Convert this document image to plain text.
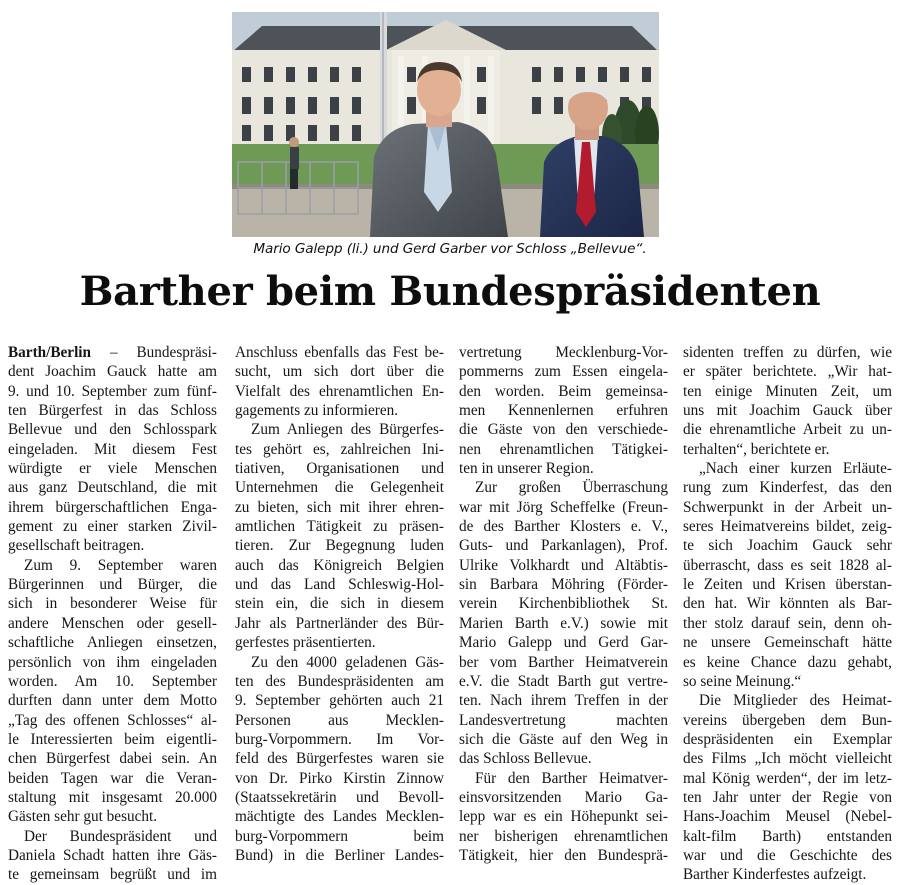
Mario Galepp (li.) und Gerd Garber vor Schloss „Bellevue“.
Barther beim Bundespräsidenten
Barth/Berlin – Bundespräsi-
dent Joachim Gauck hatte am
9. und 10. September zum fünf-
ten Bürgerfest in das Schloss
Bellevue und den Schlosspark
eingeladen. Mit diesem Fest
würdigte er viele Menschen
aus ganz Deutschland, die mit
ihrem bürgerschaftlichen Enga-
gement zu einer starken Zivil-
gesellschaft beitragen.
Zum 9. September waren
Bürgerinnen und Bürger, die
sich in besonderer Weise für
andere Menschen oder gesell-
schaftliche Anliegen einsetzen,
persönlich von ihm eingeladen
worden. Am 10. September
durften dann unter dem Motto
„Tag des offenen Schlosses“ al-
le Interessierten beim eigentli-
chen Bürgerfest dabei sein. An
beiden Tagen war die Veran-
staltung mit insgesamt 20.000
Gästen sehr gut besucht.
Der Bundespräsident und
Daniela Schadt hatten ihre Gäs-
te gemeinsam begrüßt und im
Anschluss ebenfalls das Fest be-
sucht, um sich dort über die
Vielfalt des ehrenamtlichen En-
gagements zu informieren.
Zum Anliegen des Bürgerfes-
tes gehört es, zahlreichen Ini-
tiativen, Organisationen und
Unternehmen die Gelegenheit
zu bieten, sich mit ihrer ehren-
amtlichen Tätigkeit zu präsen-
tieren. Zur Begegnung luden
auch das Königreich Belgien
und das Land Schleswig-Hol-
stein ein, die sich in diesem
Jahr als Partnerländer des Bür-
gerfestes präsentierten.
Zu den 4000 geladenen Gäs-
ten des Bundespräsidenten am
9. September gehörten auch 21
Personen aus Mecklen-
burg-Vorpommern. Im Vor-
feld des Bürgerfestes waren sie
von Dr. Pirko Kirstin Zinnow
(Staatssekretärin und Bevoll-
mächtigte des Landes Mecklen-
burg-Vorpommern beim
Bund) in die Berliner Landes-
vertretung Mecklenburg-Vor-
pommerns zum Essen eingela-
den worden. Beim gemeinsa-
men Kennenlernen erfuhren
die Gäste von den verschiede-
nen ehrenamtlichen Tätigkei-
ten in unserer Region.
Zur großen Überraschung
war mit Jörg Scheffelke (Freun-
de des Barther Klosters e. V.,
Guts- und Parkanlagen), Prof.
Ulrike Volkhardt und Altäbtis-
sin Barbara Möhring (Förder-
verein Kirchenbibliothek St.
Marien Barth e.V.) sowie mit
Mario Galepp und Gerd Gar-
ber vom Barther Heimatverein
e.V. die Stadt Barth gut vertre-
ten. Nach ihrem Treffen in der
Landesvertretung machten
sich die Gäste auf den Weg in
das Schloss Bellevue.
Für den Barther Heimatver-
einsvorsitzenden Mario Ga-
lepp war es ein Höhepunkt sei-
ner bisherigen ehrenamtlichen
Tätigkeit, hier den Bundesprä-
sidenten treffen zu dürfen, wie
er später berichtete. „Wir hat-
ten einige Minuten Zeit, um
uns mit Joachim Gauck über
die ehrenamtliche Arbeit zu un-
terhalten“, berichtete er.
„Nach einer kurzen Erläute-
rung zum Kinderfest, das den
Schwerpunkt in der Arbeit un-
seres Heimatvereins bildet, zeig-
te sich Joachim Gauck sehr
überrascht, dass es seit 1828 al-
le Zeiten und Krisen überstan-
den hat. Wir könnten als Bar-
ther stolz darauf sein, denn oh-
ne unsere Gemeinschaft hätte
es keine Chance dazu gehabt,
so seine Meinung.“
Die Mitglieder des Heimat-
vereins übergeben dem Bun-
despräsidenten ein Exemplar
des Films „Ich möcht vielleicht
mal König werden“, der im letz-
ten Jahr unter der Regie von
Hans-Joachim Meusel (Nebel-
kalt-film Barth) entstanden
war und die Geschichte des
Barther Kinderfestes aufzeigt.
